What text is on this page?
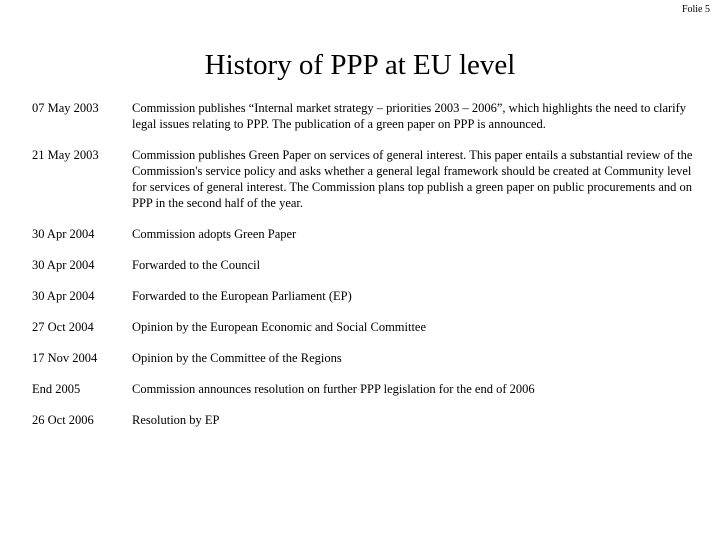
Folie 5
History of PPP at EU level
07 May 2003	Commission publishes “Internal market strategy – priorities 2003 – 2006”, which highlights the need to clarify legal issues relating to PPP. The publication of a green paper on PPP is announced.
21 May 2003	Commission publishes Green Paper on services of general interest. This paper entails a substantial review of the Commission's service policy and asks whether a general legal framework should be created at Community level for services of general interest. The Commission plans top publish a green paper on public procurements and on PPP in the second half of the year.
30 Apr 2004	Commission adopts Green Paper
30 Apr 2004	Forwarded to the Council
30 Apr 2004	Forwarded to the European Parliament (EP)
27 Oct 2004	Opinion by the European Economic and Social Committee
17 Nov 2004	Opinion by the Committee of the Regions
End 2005	Commission announces resolution on further PPP legislation for the end of 2006
26 Oct 2006	Resolution by EP
